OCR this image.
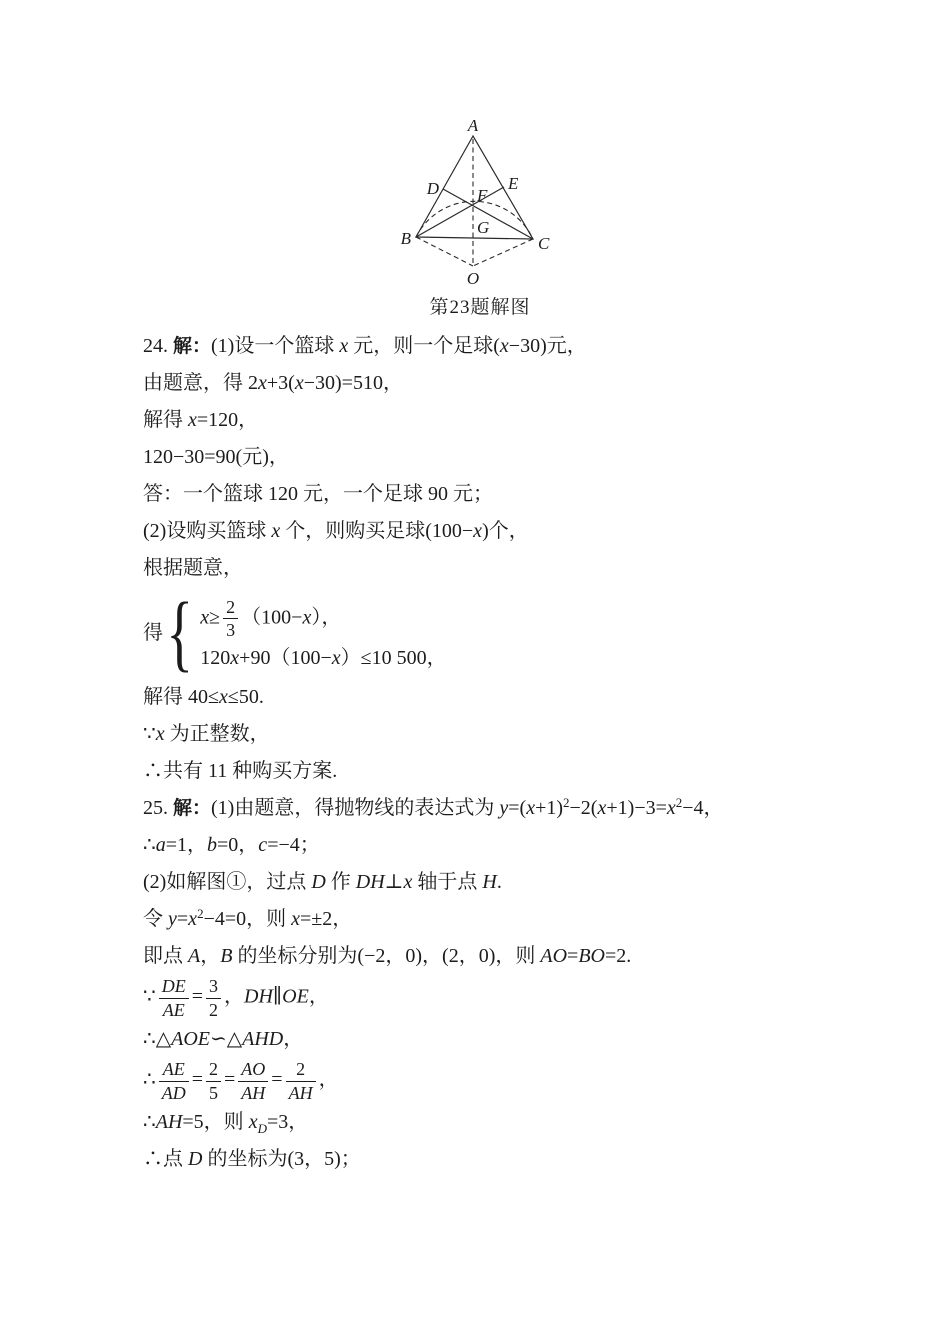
A
B	C
D	E
F
G
O
第23题解图
24. 解：(1)设一个篮球 x 元，则一个足球(x−30)元，
由题意，得 2x+3(x−30)=510，
解得 x=120，
120−30=90(元)，
答：一个篮球 120 元，一个足球 90 元；
(2)设购买篮球 x 个，则购买足球(100−x)个，
根据题意，
得 { $x\ge \frac{2}{3} (100-x)$，
120x+90（100−x）≤10 500，
解得 40≤x≤50.
∵x 为正整数，
∴共有 11 种购买方案.
25. 解：(1)由题意，得抛物线的表达式为 $y=(x+1)^2-2(x+1)-3=x^2-4$，
∴a=1，b=0，c=−4；
(2)如解图①，过点 D 作 DH⊥x 轴于点 H.
令 $y=x^2-4=0$，则 x=±2，
即点 A，B 的坐标分别为(−2，0)，(2，0)，则 AO=BO=2.
∵ $\frac{DE}{AE} = \frac{3}{2}$ ，DH∥OE，
∴△AOE∽△AHD，
∴ $\frac{AE}{AD} = \frac{2}{5} = \frac{AO}{AH} = \frac{2}{AH}$ ，
∴AH=5，则 $x_D=3$，
∴点 D 的坐标为(3，5)；
